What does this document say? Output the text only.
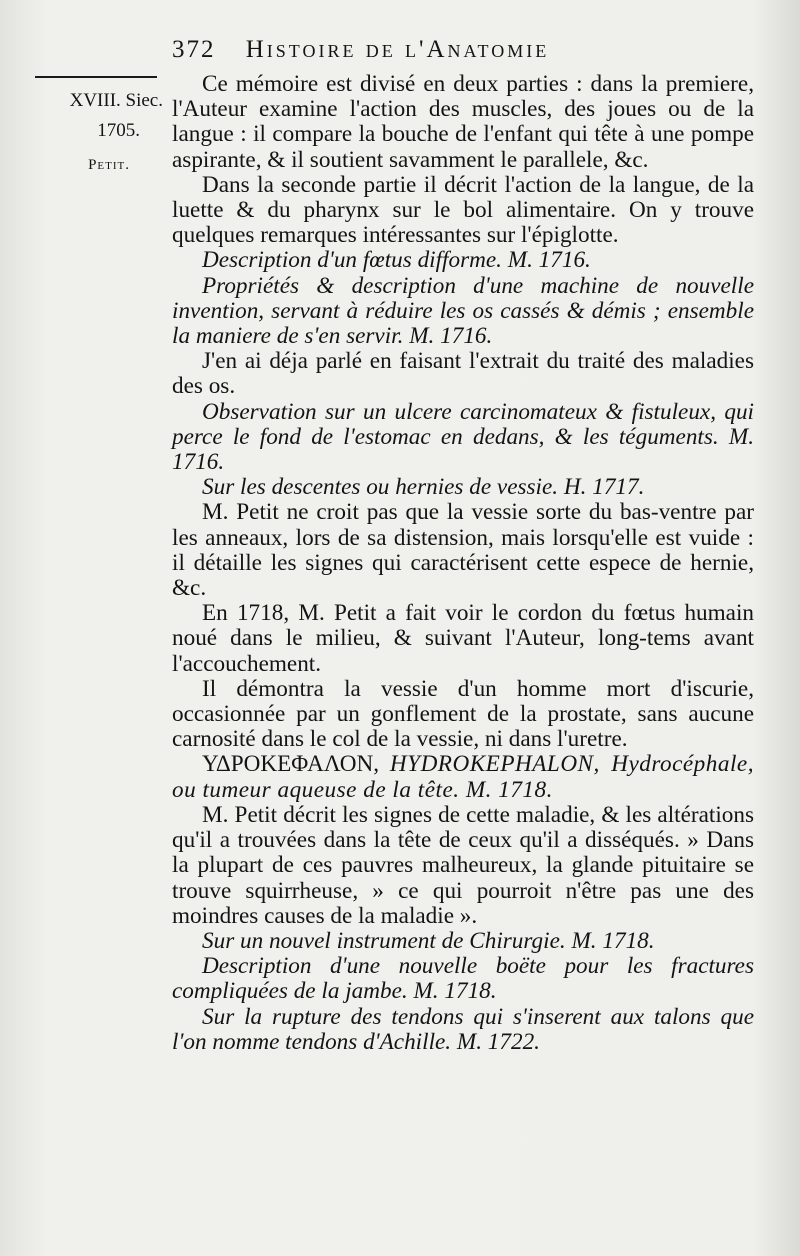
372 Histoire de l'Anatomie
XVIII. Siec.
1705.
Petit.

Ce mémoire est divisé en deux parties : dans la premiere, l'Auteur examine l'action des muscles, des joues ou de la langue : il compare la bouche de l'enfant qui tête à une pompe aspirante, & il soutient savamment le parallele, &c.

Dans la seconde partie il décrit l'action de la langue, de la luette & du pharynx sur le bol alimentaire. On y trouve quelques remarques intéressantes sur l'épiglotte.

Description d'un fœtus difforme. M. 1716.

Propriétés & description d'une machine de nouvelle invention, servant à réduire les os cassés & démis ; ensemble la maniere de s'en servir. M. 1716.

J'en ai déja parlé en faisant l'extrait du traité des maladies des os.

Observation sur un ulcere carcinomateux & fistuleux, qui perce le fond de l'estomac en dedans, & les téguments. M. 1716.

Sur les descentes ou hernies de vessie. H. 1717.

M. Petit ne croit pas que la vessie sorte du bas-ventre par les anneaux, lors de sa distension, mais lorsqu'elle est vuide : il détaille les signes qui caractérisent cette espece de hernie, &c.

En 1718, M. Petit a fait voir le cordon du fœtus humain noué dans le milieu, & suivant l'Auteur, long-tems avant l'accouchement.

Il démontra la vessie d'un homme mort d'iscurie, occasionnée par un gonflement de la prostate, sans aucune carnosité dans le col de la vessie, ni dans l'uretre.

ΥΔΡΟΚΕΦΑΛΟΝ, HYDROKEPHALON, Hydrocéphale, ou tumeur aqueuse de la tête. M. 1718.

M. Petit décrit les signes de cette maladie, & les altérations qu'il a trouvées dans la tête de ceux qu'il a disséqués. » Dans la plupart de ces pauvres malheureux, la glande pituitaire se trouve squirrheuse, » ce qui pourroit n'être pas une des moindres causes de la maladie ».

Sur un nouvel instrument de Chirurgie. M. 1718.

Description d'une nouvelle boëte pour les fractures compliquées de la jambe. M. 1718.

Sur la rupture des tendons qui s'inserent aux talons que l'on nomme tendons d'Achille. M. 1722.
